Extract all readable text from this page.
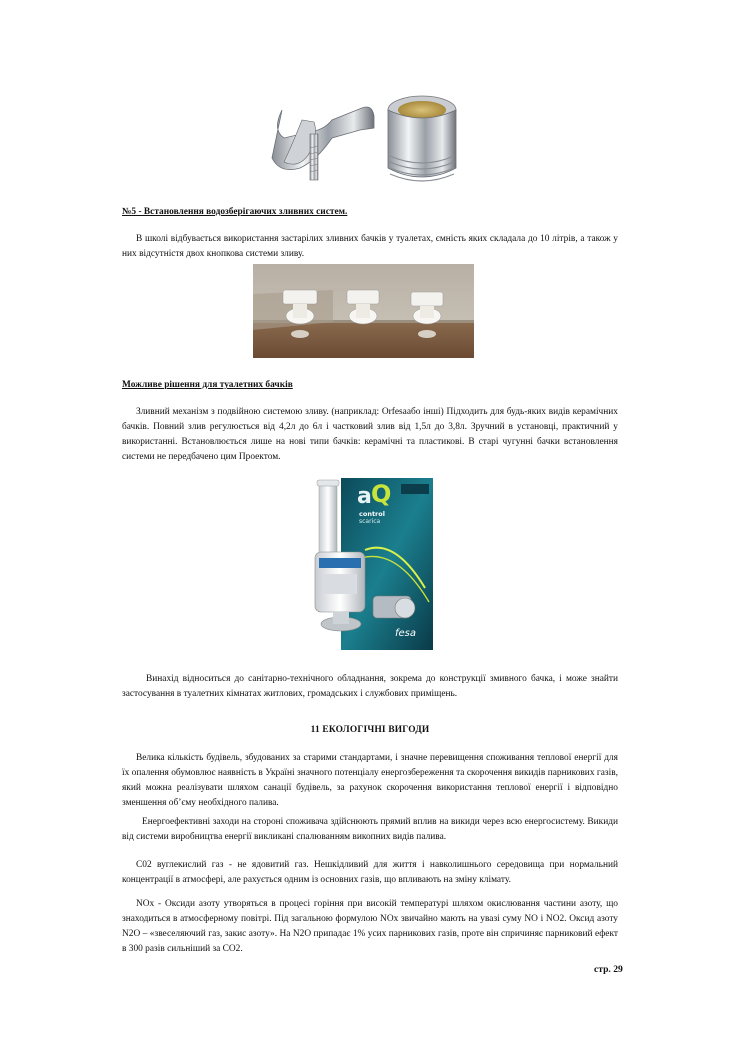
№5 - Встановлення водозберігаючих зливних систем.

В школі відбувається використання застарілих зливних бачків у туалетах, ємність яких складала до 10 літрів, а також у них відсутністя двох кнопкова системи зливу.

Можливе рішення для туалетних бачків

Зливний механізм з подвійною системою зливу. (наприклад: Orfesaабо інші) Підходить для будь-яких видів керамічних бачків. Повний злив регулюється від 4,2л до 6л і частковий злив від 1,5л до 3,8л. Зручний в установці, практичний у використанні. Встановлюється лише на нові типи бачків: керамічні та пластикові. В старі чугунні бачки встановлення системи не передбачено цим Проектом.

a Q
control
scarica
fesa

Винахід відноситься до санітарно-технічного обладнання, зокрема до конструкції змивного бачка, і може знайти застосування в туалетних кімнатах житлових, громадських і службових приміщень.

11 ЕКОЛОГІЧНІ ВИГОДИ

Велика кількість будівель, збудованих за старими стандартами, і значне перевищення споживання теплової енергії для їх опалення обумовлює наявність в Україні значного потенціалу енергозбереження та скорочення викидів парникових газів, який можна реалізувати шляхом санації будівель, за рахунок скорочення використання теплової енергії і відповідно зменшення об’єму необхідного палива.

Енергоефективні заходи на стороні споживача здійснюють прямий вплив на викиди через всю енергосистему. Викиди від системи виробництва енергії викликані спалюванням викопних видів палива.

С02 вуглекислий газ - не ядовитий газ. Нешкідливий для життя і навколишнього середовища при нормальний концентрації в атмосфері, але рахується одним із основних газів, що впливають на зміну клімату.

NOx - Оксиди азоту утворяться в процесі горіння при високій температурі шляхом окислювання частини азоту, що знаходиться в атмосферному повітрі. Під загальною формулою NOx звичайно мають на увазі суму NO і NO2. Оксид азоту N2O – «звеселяючий газ, закис азоту». На N2O припадає 1% усих парникових газів, проте він спричиняє парниковий ефект в 300 разів сильніший за CO2.

стр. 29
